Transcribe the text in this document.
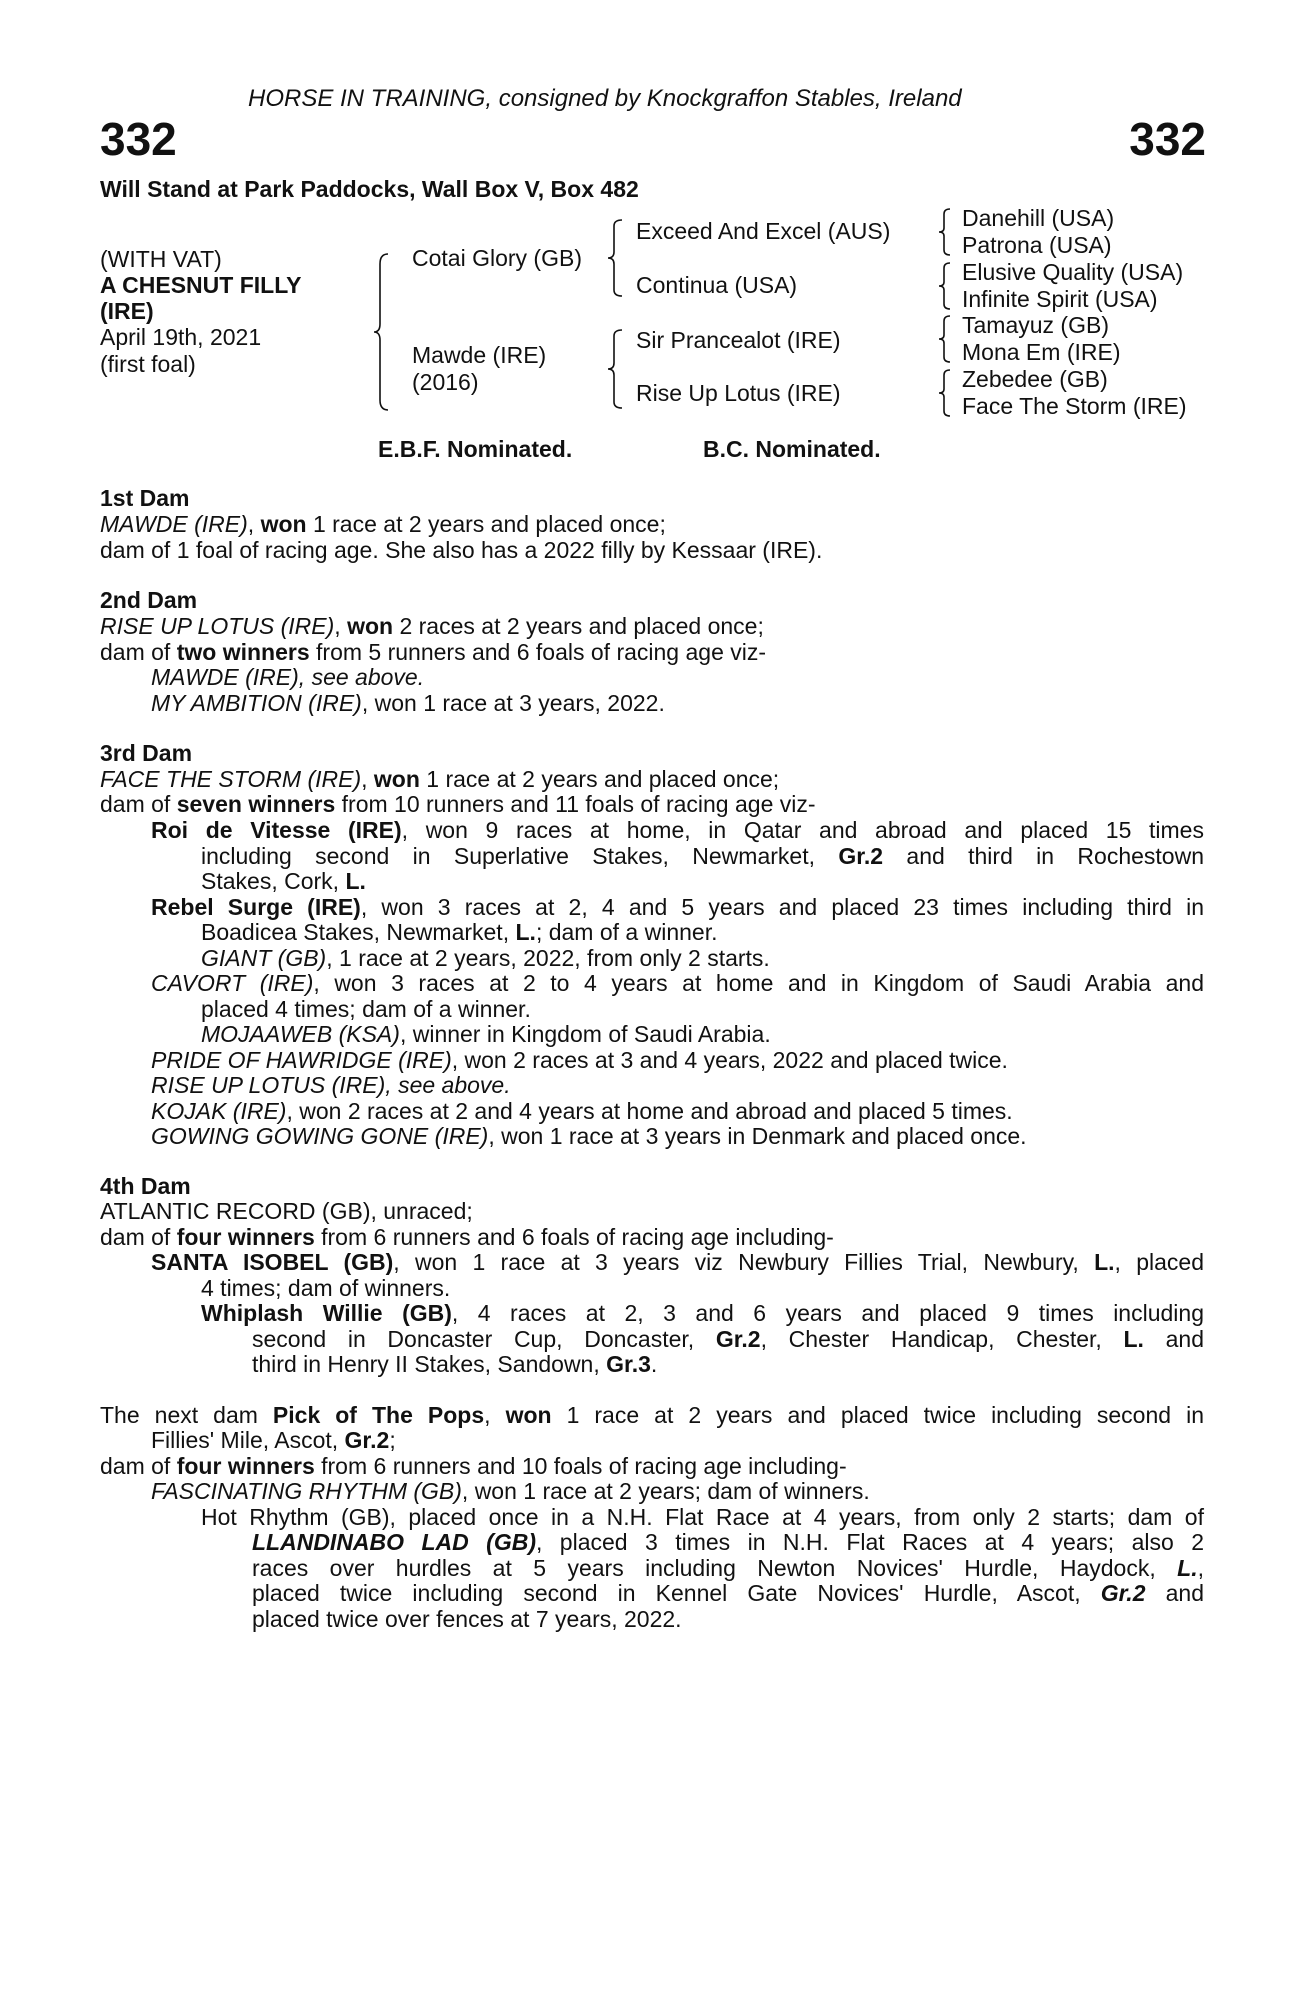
HORSE IN TRAINING, consigned by Knockgraffon Stables, Ireland
332	332
Will Stand at Park Paddocks, Wall Box V, Box 482
(WITH VAT)
A CHESNUT FILLY
(IRE)
April 19th, 2021
(first foal)
Cotai Glory (GB)
Mawde (IRE)
(2016)
Exceed And Excel (AUS)
Continua (USA)
Sir Prancealot (IRE)
Rise Up Lotus (IRE)
Danehill (USA)
Patrona (USA)
Elusive Quality (USA)
Infinite Spirit (USA)
Tamayuz (GB)
Mona Em (IRE)
Zebedee (GB)
Face The Storm (IRE)
E.B.F. Nominated.	B.C. Nominated.
1st Dam
MAWDE (IRE), won 1 race at 2 years and placed once;
dam of 1 foal of racing age. She also has a 2022 filly by Kessaar (IRE).
2nd Dam
RISE UP LOTUS (IRE), won 2 races at 2 years and placed once;
dam of two winners from 5 runners and 6 foals of racing age viz-
MAWDE (IRE), see above.
MY AMBITION (IRE), won 1 race at 3 years, 2022.
3rd Dam
FACE THE STORM (IRE), won 1 race at 2 years and placed once;
dam of seven winners from 10 runners and 11 foals of racing age viz-
Roi de Vitesse (IRE), won 9 races at home, in Qatar and abroad and placed 15 times
including second in Superlative Stakes, Newmarket, Gr.2 and third in Rochestown
Stakes, Cork, L.
Rebel Surge (IRE), won 3 races at 2, 4 and 5 years and placed 23 times including third in
Boadicea Stakes, Newmarket, L.; dam of a winner.
GIANT (GB), 1 race at 2 years, 2022, from only 2 starts.
CAVORT (IRE), won 3 races at 2 to 4 years at home and in Kingdom of Saudi Arabia and
placed 4 times; dam of a winner.
MOJAAWEB (KSA), winner in Kingdom of Saudi Arabia.
PRIDE OF HAWRIDGE (IRE), won 2 races at 3 and 4 years, 2022 and placed twice.
RISE UP LOTUS (IRE), see above.
KOJAK (IRE), won 2 races at 2 and 4 years at home and abroad and placed 5 times.
GOWING GOWING GONE (IRE), won 1 race at 3 years in Denmark and placed once.
4th Dam
ATLANTIC RECORD (GB), unraced;
dam of four winners from 6 runners and 6 foals of racing age including-
SANTA ISOBEL (GB), won 1 race at 3 years viz Newbury Fillies Trial, Newbury, L., placed
4 times; dam of winners.
Whiplash Willie (GB), 4 races at 2, 3 and 6 years and placed 9 times including
second in Doncaster Cup, Doncaster, Gr.2, Chester Handicap, Chester, L. and
third in Henry II Stakes, Sandown, Gr.3.
The next dam Pick of The Pops, won 1 race at 2 years and placed twice including second in
Fillies' Mile, Ascot, Gr.2;
dam of four winners from 6 runners and 10 foals of racing age including-
FASCINATING RHYTHM (GB), won 1 race at 2 years; dam of winners.
Hot Rhythm (GB), placed once in a N.H. Flat Race at 4 years, from only 2 starts; dam of
LLANDINABO LAD (GB), placed 3 times in N.H. Flat Races at 4 years; also 2
races over hurdles at 5 years including Newton Novices' Hurdle, Haydock, L.,
placed twice including second in Kennel Gate Novices' Hurdle, Ascot, Gr.2 and
placed twice over fences at 7 years, 2022.
